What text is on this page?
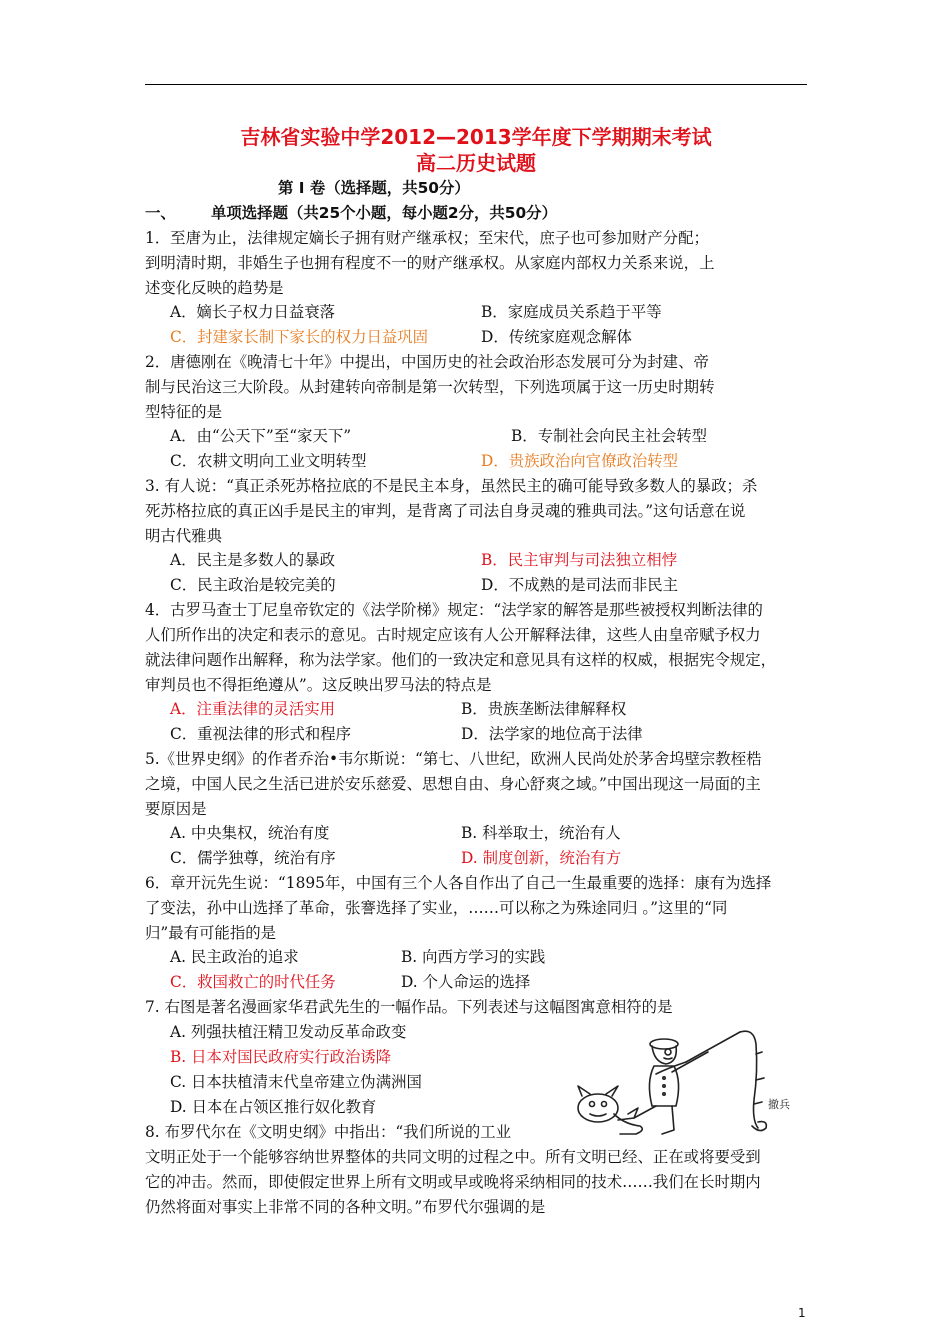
吉林省实验中学2012—2013学年度下学期期末考试
高二历史试题
第 Ⅰ 卷（选择题，共50分）
一、 单项选择题（共25个小题，每小题2分，共50分）
1．至唐为止，法律规定嫡长子拥有财产继承权；至宋代，庶子也可参加财产分配；
到明清时期，非婚生子也拥有程度不一的财产继承权。从家庭内部权力关系来说，上
述变化反映的趋势是
A．嫡长子权力日益衰落	B．家庭成员关系趋于平等
C．封建家长制下家长的权力日益巩固	D．传统家庭观念解体
2．唐德刚在《晚清七十年》中提出，中国历史的社会政治形态发展可分为封建、帝
制与民治这三大阶段。从封建转向帝制是第一次转型，下列选项属于这一历史时期转
型特征的是
A．由“公天下”至“家天下”	B．专制社会向民主社会转型
C．农耕文明向工业文明转型	D．贵族政治向官僚政治转型
3. 有人说：“真正杀死苏格拉底的不是民主本身，虽然民主的确可能导致多数人的暴政；杀
死苏格拉底的真正凶手是民主的审判，是背离了司法自身灵魂的雅典司法。”这句话意在说
明古代雅典
A．民主是多数人的暴政	B．民主审判与司法独立相悖
C．民主政治是较完美的	D．不成熟的是司法而非民主
4．古罗马查士丁尼皇帝钦定的《法学阶梯》规定：“法学家的解答是那些被授权判断法律的
人们所作出的决定和表示的意见。古时规定应该有人公开解释法律，这些人由皇帝赋予权力
就法律问题作出解释，称为法学家。他们的一致决定和意见具有这样的权威，根据宪令规定，
审判员也不得拒绝遵从”。这反映出罗马法的特点是
A．注重法律的灵活实用	B．贵族垄断法律解释权
C．重视法律的形式和程序	D．法学家的地位高于法律
5.《世界史纲》的作者乔治•韦尔斯说：“第七、八世纪，欧洲人民尚处於茅舍坞壁宗教桎梏
之境，中国人民之生活已进於安乐慈爱、思想自由、身心舒爽之域。”中国出现这一局面的主
要原因是
A. 中央集权，统治有度	B. 科举取士，统治有人
C．儒学独尊，统治有序	D. 制度创新，统治有方
6．章开沅先生说：“1895年，中国有三个人各自作出了自己一生最重要的选择：康有为选择
了变法，孙中山选择了革命，张謇选择了实业，……可以称之为殊途同归 。”这里的“同
归”最有可能指的是
A. 民主政治的追求	B. 向西方学习的实践
C．救国救亡的时代任务	D. 个人命运的选择
7. 右图是著名漫画家华君武先生的一幅作品。下列表述与这幅图寓意相符的是
A. 列强扶植汪精卫发动反革命政变
B. 日本对国民政府实行政治诱降
C. 日本扶植清末代皇帝建立伪满洲国
D. 日本在占领区推行奴化教育	撤兵
8. 布罗代尔在《文明史纲》中指出：“我们所说的工业
文明正处于一个能够容纳世界整体的共同文明的过程之中。所有文明已经、正在或将要受到
它的冲击。然而，即使假定世界上所有文明或早或晚将采纳相同的技术……我们在长时期内
仍然将面对事实上非常不同的各种文明。”布罗代尔强调的是
1
